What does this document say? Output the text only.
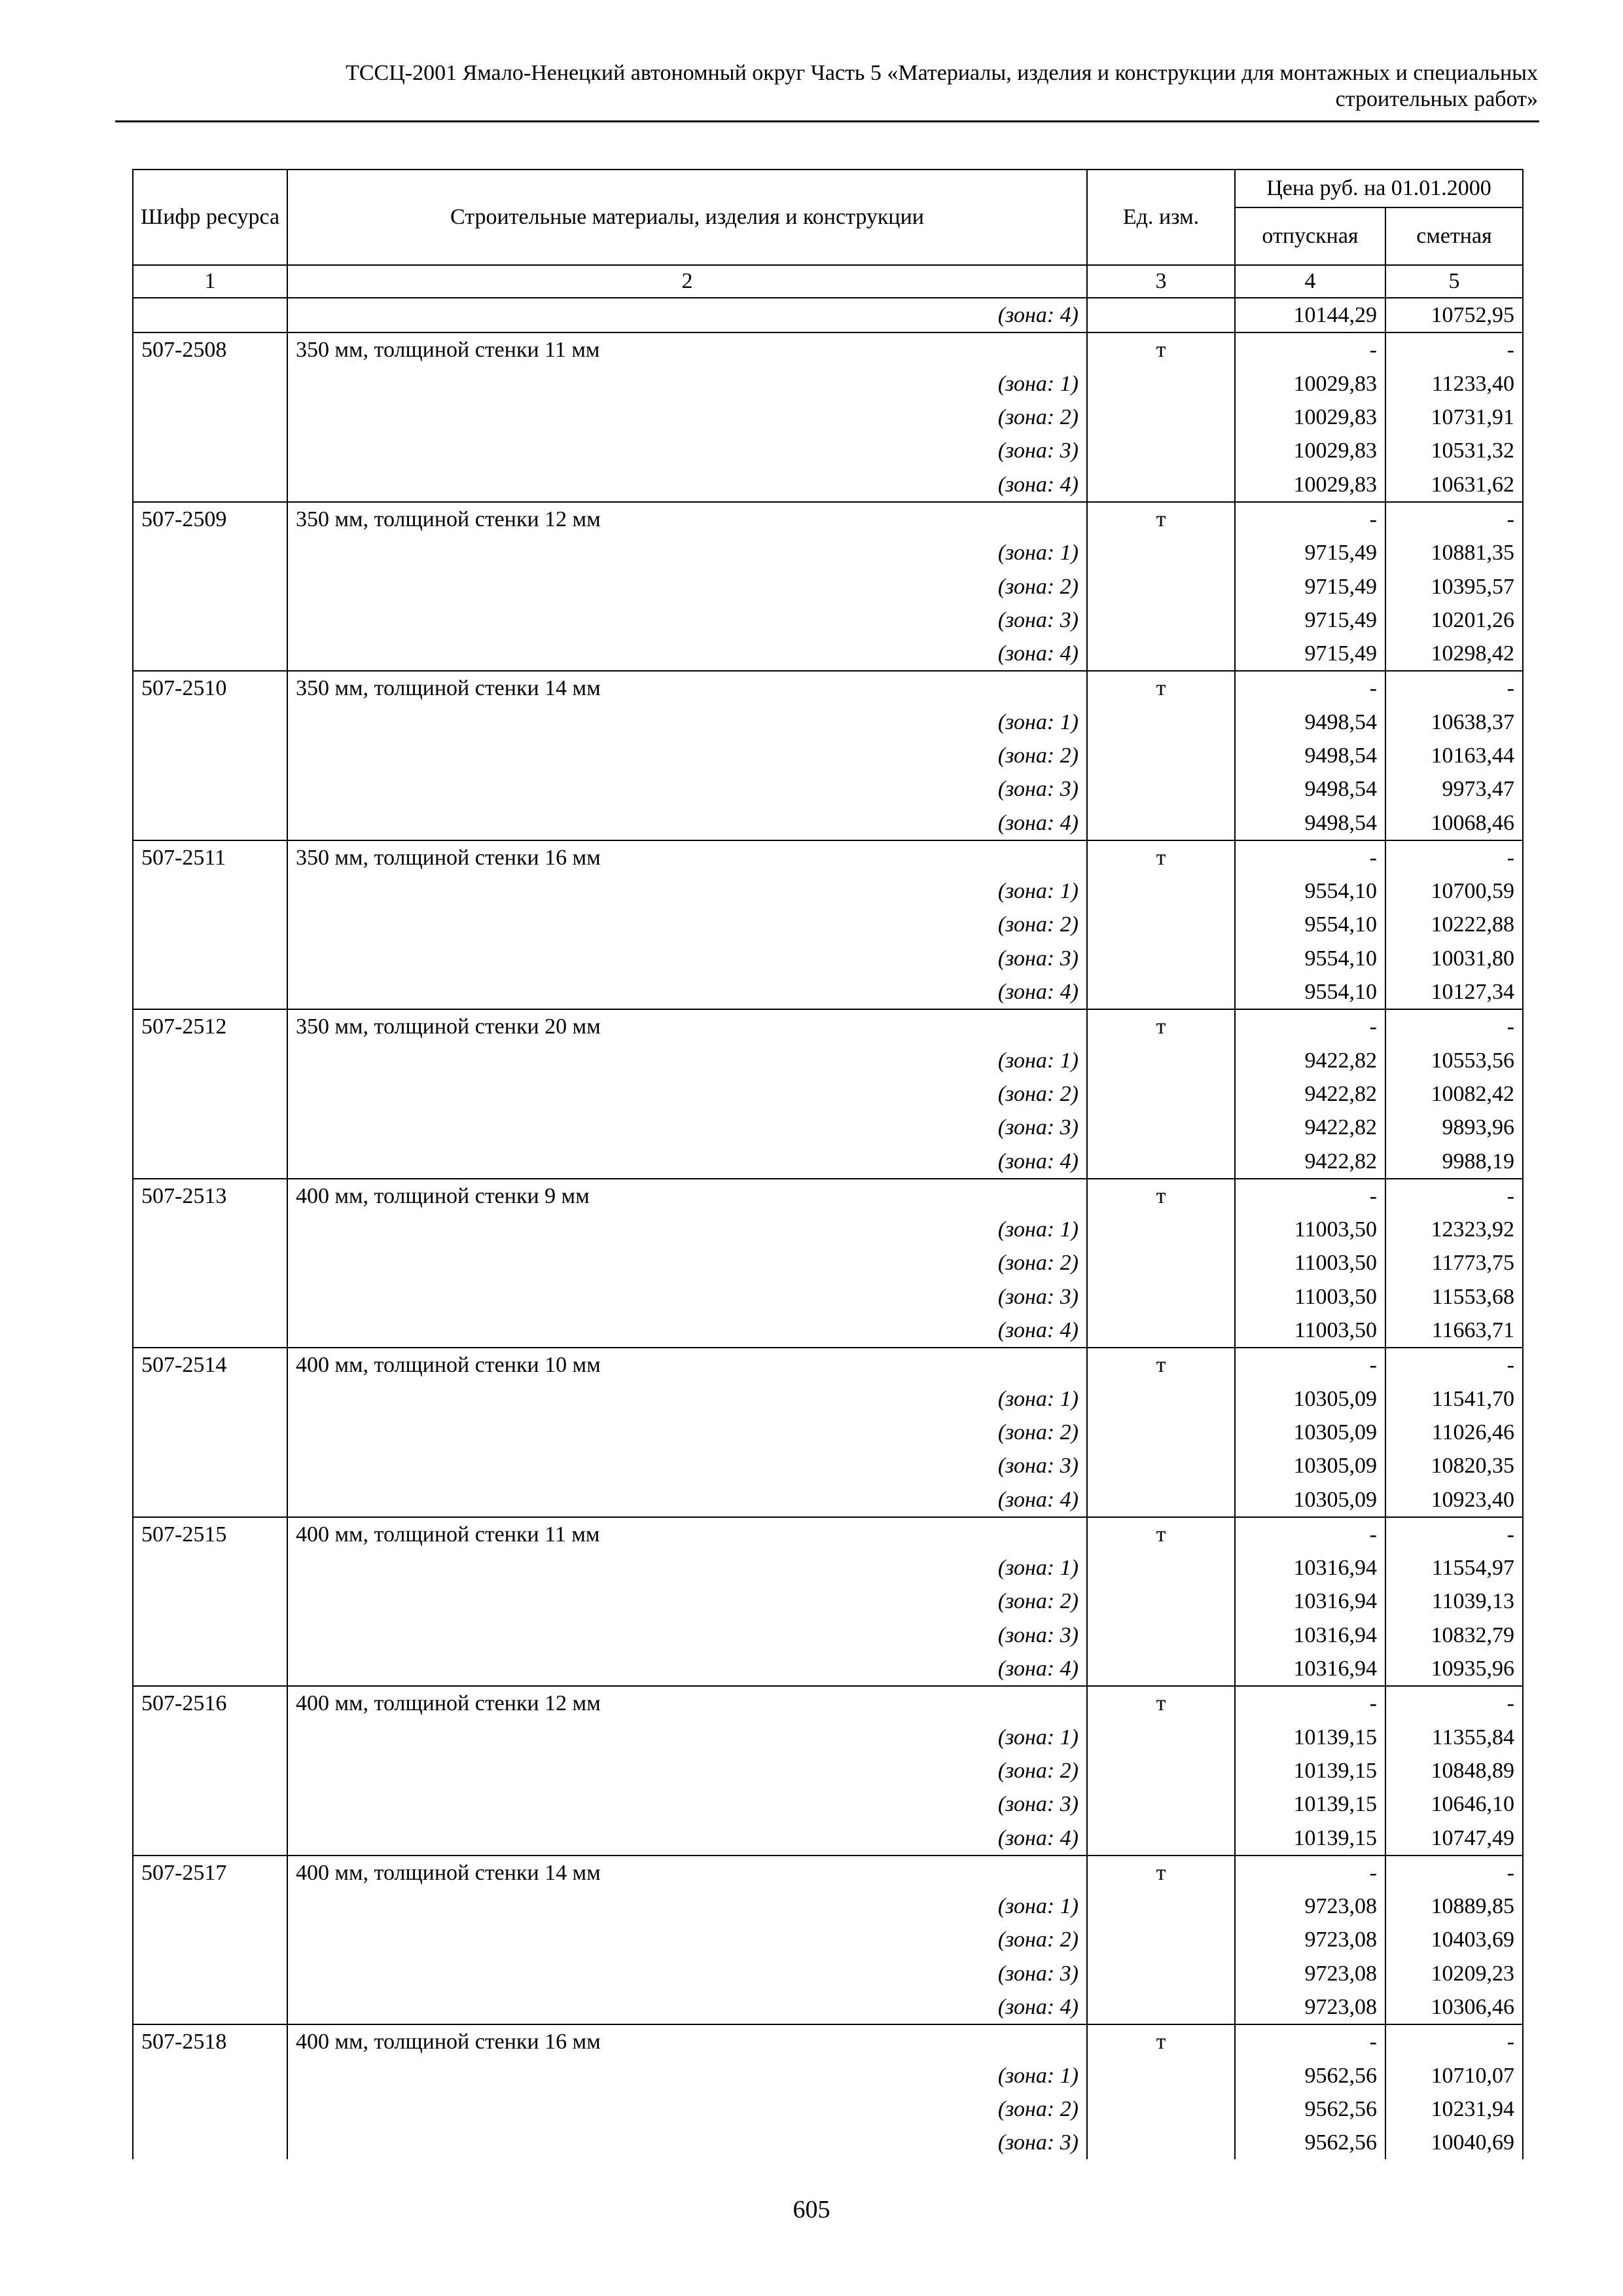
ТССЦ-2001 Ямало-Ненецкий автономный округ Часть 5 «Материалы, изделия и конструкции для монтажных и специальных
строительных работ»
Шифр ресурса	Строительные материалы, изделия и конструкции	Ед. изм.	Цена руб. на 01.01.2000	
			отпускная	сметная
1	2	3	4	5
	(зона: 4)		10144,29	10752,95
507-2508	350 мм, толщиной стенки 11 мм	т	-	-
	(зона: 1)		10029,83	11233,40
	(зона: 2)		10029,83	10731,91
	(зона: 3)		10029,83	10531,32
	(зона: 4)		10029,83	10631,62
507-2509	350 мм, толщиной стенки 12 мм	т	-	-
	(зона: 1)		9715,49	10881,35
	(зона: 2)		9715,49	10395,57
	(зона: 3)		9715,49	10201,26
	(зона: 4)		9715,49	10298,42
507-2510	350 мм, толщиной стенки 14 мм	т	-	-
	(зона: 1)		9498,54	10638,37
	(зона: 2)		9498,54	10163,44
	(зона: 3)		9498,54	9973,47
	(зона: 4)		9498,54	10068,46
507-2511	350 мм, толщиной стенки 16 мм	т	-	-
	(зона: 1)		9554,10	10700,59
	(зона: 2)		9554,10	10222,88
	(зона: 3)		9554,10	10031,80
	(зона: 4)		9554,10	10127,34
507-2512	350 мм, толщиной стенки 20 мм	т	-	-
	(зона: 1)		9422,82	10553,56
	(зона: 2)		9422,82	10082,42
	(зона: 3)		9422,82	9893,96
	(зона: 4)		9422,82	9988,19
507-2513	400 мм, толщиной стенки 9 мм	т	-	-
	(зона: 1)		11003,50	12323,92
	(зона: 2)		11003,50	11773,75
	(зона: 3)		11003,50	11553,68
	(зона: 4)		11003,50	11663,71
507-2514	400 мм, толщиной стенки 10 мм	т	-	-
	(зона: 1)		10305,09	11541,70
	(зона: 2)		10305,09	11026,46
	(зона: 3)		10305,09	10820,35
	(зона: 4)		10305,09	10923,40
507-2515	400 мм, толщиной стенки 11 мм	т	-	-
	(зона: 1)		10316,94	11554,97
	(зона: 2)		10316,94	11039,13
	(зона: 3)		10316,94	10832,79
	(зона: 4)		10316,94	10935,96
507-2516	400 мм, толщиной стенки 12 мм	т	-	-
	(зона: 1)		10139,15	11355,84
	(зона: 2)		10139,15	10848,89
	(зона: 3)		10139,15	10646,10
	(зона: 4)		10139,15	10747,49
507-2517	400 мм, толщиной стенки 14 мм	т	-	-
	(зона: 1)		9723,08	10889,85
	(зона: 2)		9723,08	10403,69
	(зона: 3)		9723,08	10209,23
	(зона: 4)		9723,08	10306,46
507-2518	400 мм, толщиной стенки 16 мм	т	-	-
	(зона: 1)		9562,56	10710,07
	(зона: 2)		9562,56	10231,94
	(зона: 3)		9562,56	10040,69
605
